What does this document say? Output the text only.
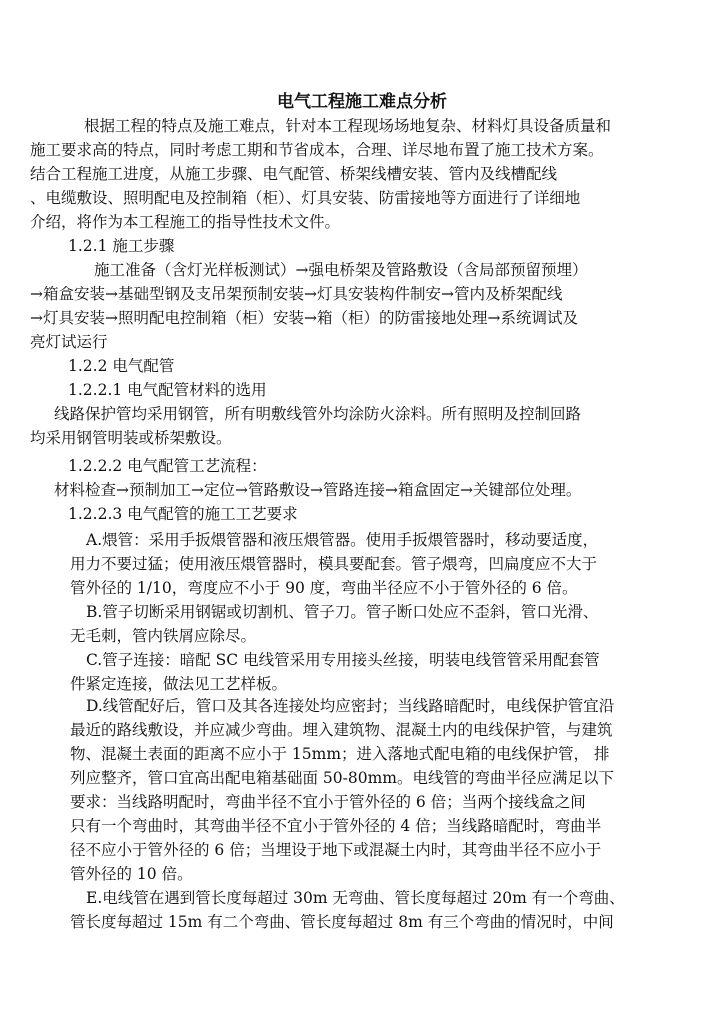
电气工程施工难点分析
根据工程的特点及施工难点，针对本工程现场场地复杂、材料灯具设备质量和
施工要求高的特点，同时考虑工期和节省成本，合理、详尽地布置了施工技术方案。
结合工程施工进度，从施工步骤、电气配管、桥架线槽安装、管内及线槽配线
、电缆敷设、照明配电及控制箱（柜）、灯具安装、防雷接地等方面进行了详细地
介绍，将作为本工程施工的指导性技术文件。
1.2.1 施工步骤
施工准备（含灯光样板测试）→强电桥架及管路敷设（含局部预留预埋）
→箱盒安装→基础型钢及支吊架预制安装→灯具安装构件制安→管内及桥架配线
→灯具安装→照明配电控制箱（柜）安装→箱（柜）的防雷接地处理→系统调试及
亮灯试运行
1.2.2 电气配管
1.2.2.1 电气配管材料的选用
线路保护管均采用钢管，所有明敷线管外均涂防火涂料。所有照明及控制回路
均采用钢管明装或桥架敷设。
1.2.2.2 电气配管工艺流程：
材料检查→预制加工→定位→管路敷设→管路连接→箱盒固定→关键部位处理。
1.2.2.3 电气配管的施工工艺要求
A.煨管：采用手扳煨管器和液压煨管器。使用手扳煨管器时，移动要适度，
用力不要过猛；使用液压煨管器时，模具要配套。管子煨弯，凹扁度应不大于
管外径的 1/10，弯度应不小于 90 度，弯曲半径应不小于管外径的 6 倍。
B.管子切断采用钢锯或切割机、管子刀。管子断口处应不歪斜，管口光滑、
无毛刺，管内铁屑应除尽。
C.管子连接：暗配 SC 电线管采用专用接头丝接，明装电线管管采用配套管
件紧定连接，做法见工艺样板。
D.线管配好后，管口及其各连接处均应密封；当线路暗配时，电线保护管宜沿
最近的路线敷设，并应减少弯曲。埋入建筑物、混凝土内的电线保护管，与建筑
物、混凝土表面的距离不应小于 15mm；进入落地式配电箱的电线保护管， 排
列应整齐，管口宜高出配电箱基础面 50-80mm。电线管的弯曲半径应满足以下
要求：当线路明配时，弯曲半径不宜小于管外径的 6 倍；当两个接线盒之间
只有一个弯曲时，其弯曲半径不宜小于管外径的 4 倍；当线路暗配时，弯曲半
径不应小于管外径的 6 倍；当埋设于地下或混凝土内时，其弯曲半径不应小于
管外径的 10 倍。
E.电线管在遇到管长度每超过 30m 无弯曲、管长度每超过 20m 有一个弯曲、
管长度每超过 15m 有二个弯曲、管长度每超过 8m 有三个弯曲的情况时，中间
